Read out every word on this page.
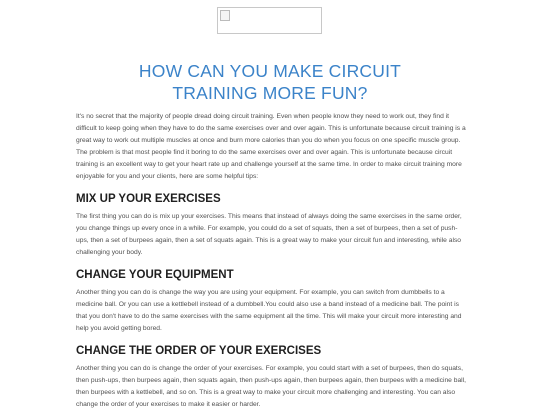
HOW CAN YOU MAKE CIRCUIT
TRAINING MORE FUN?

It's no secret that the majority of people dread doing circuit training. Even when people know they need to work out, they find it difficult to keep going when they have to do the same exercises over and over again. This is unfortunate because circuit training is a great way to work out multiple muscles at once and burn more calories than you do when you focus on one specific muscle group. The problem is that most people find it boring to do the same exercises over and over again. This is unfortunate because circuit training is an excellent way to get your heart rate up and challenge yourself at the same time. In order to make circuit training more enjoyable for you and your clients, here are some helpful tips:

MIX UP YOUR EXERCISES

The first thing you can do is mix up your exercises. This means that instead of always doing the same exercises in the same order, you change things up every once in a while. For example, you could do a set of squats, then a set of burpees, then a set of push-ups, then a set of burpees again, then a set of squats again. This is a great way to make your circuit fun and interesting, while also challenging your body.

CHANGE YOUR EQUIPMENT

Another thing you can do is change the way you are using your equipment. For example, you can switch from dumbbells to a medicine ball. Or you can use a kettlebell instead of a dumbbell.You could also use a band instead of a medicine ball. The point is that you don't have to do the same exercises with the same equipment all the time. This will make your circuit more interesting and help you avoid getting bored.

CHANGE THE ORDER OF YOUR EXERCISES

Another thing you can do is change the order of your exercises. For example, you could start with a set of burpees, then do squats, then push-ups, then burpees again, then squats again, then push-ups again, then burpees again, then burpees with a medicine ball, then burpees with a kettlebell, and so on. This is a great way to make your circuit more challenging and interesting. You can also change the order of your exercises to make it easier or harder.
